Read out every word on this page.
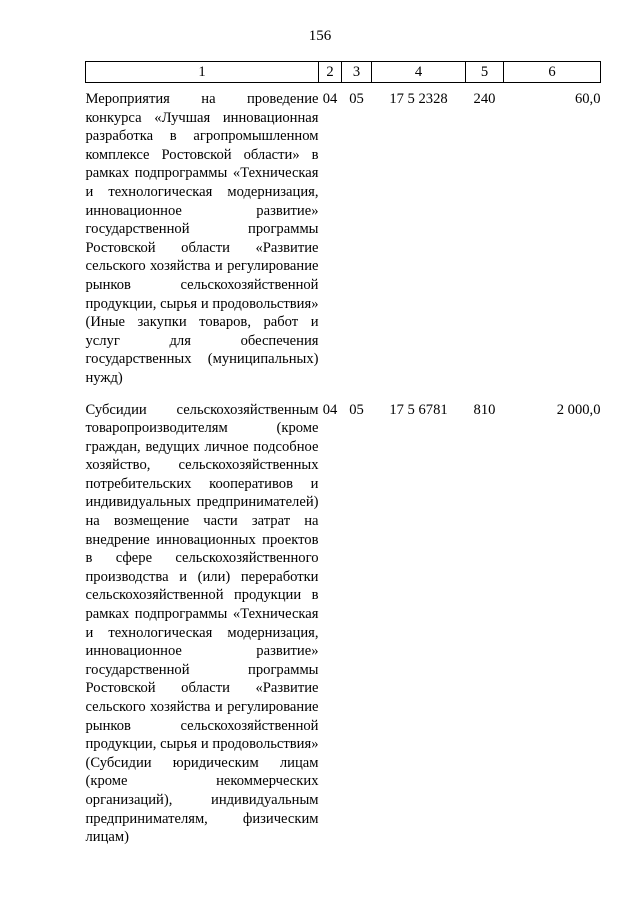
156
1	2	3	4	5	6
Мероприятия на проведение конкурса «Лучшая инновационная разработка в агропромышленном комплексе Ростовской области» в рамках подпрограммы «Техническая и технологическая модернизация, инновационное развитие» государственной программы Ростовской области «Развитие сельского хозяйства и регулирование рынков сельскохозяйственной продукции, сырья и продовольствия» (Иные закупки товаров, работ и услуг для обеспечения государственных (муниципальных) нужд)	04	05	17 5 2328	240	60,0
Субсидии сельскохозяйственным товаропроизводителям (кроме граждан, ведущих личное подсобное хозяйство, сельскохозяйственных потребительских кооперативов и индивидуальных предпринимателей) на возмещение части затрат на внедрение инновационных проектов в сфере сельскохозяйственного производства и (или) переработки сельскохозяйственной продукции в рамках подпрограммы «Техническая и технологическая модернизация, инновационное развитие» государственной программы Ростовской области «Развитие сельского хозяйства и регулирование рынков сельскохозяйственной продукции, сырья и продовольствия» (Субсидии юридическим лицам (кроме некоммерческих организаций), индивидуальным предпринимателям, физическим лицам)	04	05	17 5 6781	810	2 000,0
